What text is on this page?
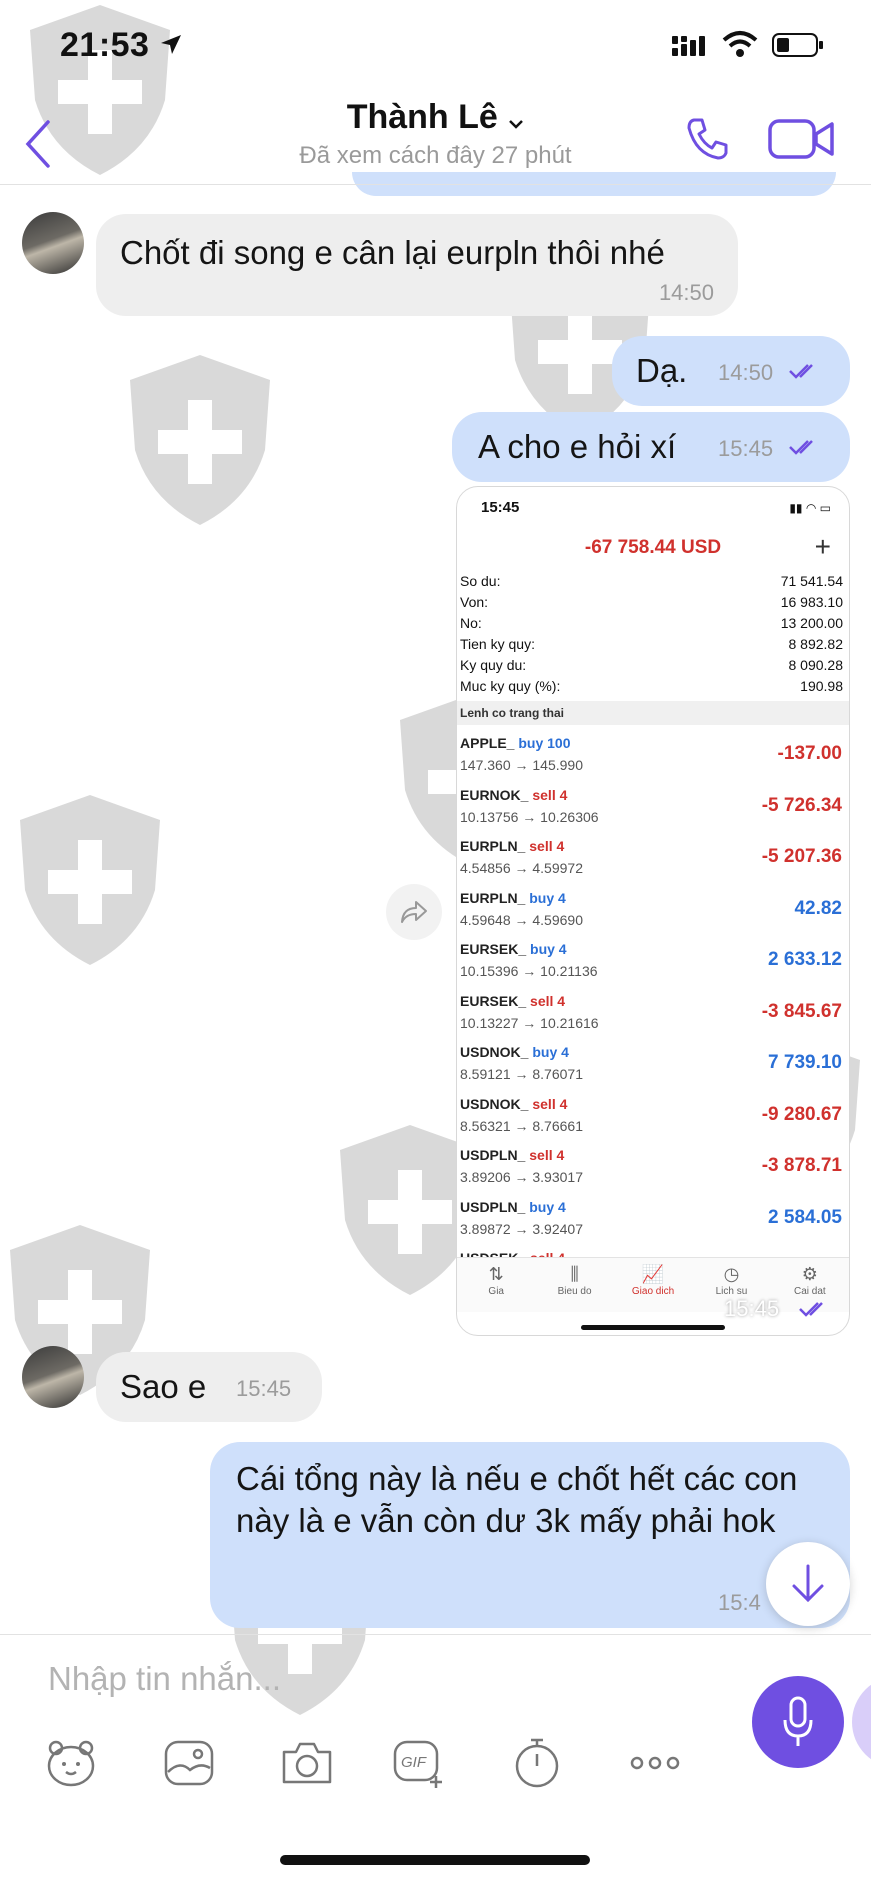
21:53
Thành Lê
Đã xem cách đây 27 phút
Chốt đi song e cân lại eurpln thôi nhé
14:50
Dạ. 14:50
A cho e hỏi xí 15:45
15:45	▮▮ ◠ ▭
-67 758.44 USD	+
So du:	71 541.54
Von:	16 983.10
No:	13 200.00
Tien ky quy:	8 892.82
Ky quy du:	8 090.28
Muc ky quy (%):	190.98
Lenh co trang thai
APPLE_ buy 100
147.360 → 145.990
-137.00
EURNOK_ sell 4
10.13756 → 10.26306
-5 726.34
EURPLN_ sell 4
4.54856 → 4.59972
-5 207.36
EURPLN_ buy 4
4.59648 → 4.59690
42.82
EURSEK_ buy 4
10.15396 → 10.21136
2 633.12
EURSEK_ sell 4
10.13227 → 10.21616
-3 845.67
USDNOK_ buy 4
8.59121 → 8.76071
7 739.10
USDNOK_ sell 4
8.56321 → 8.76661
-9 280.67
USDPLN_ sell 4
3.89206 → 3.93017
-3 878.71
USDPLN_ buy 4
3.89872 → 3.92407
2 584.05
⇅
Gia
⫼
Bieu do
📈
Giao dich
◷
Lich su
⚙
Cai dat
15:45
Sao e 15:45
Cái tổng này là nếu e chốt hết các con này là e vẫn còn dư 3k mấy phải hok
15:4
Nhập tin nhắn...
GIF
